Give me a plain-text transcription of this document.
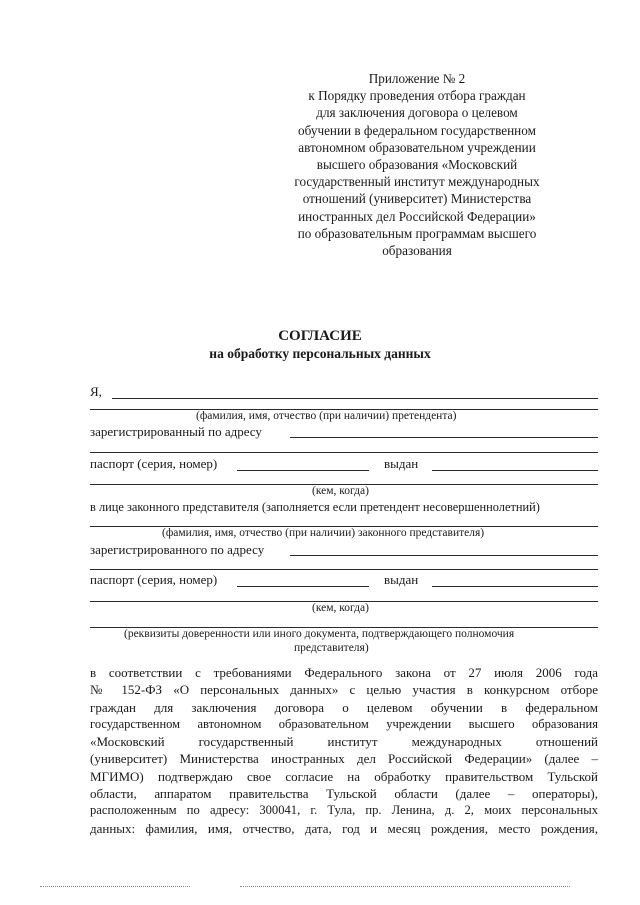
Приложение № 2
к Порядку проведения отбора граждан
для заключения договора о целевом
обучении в федеральном государственном
автономном образовательном учреждении
высшего образования «Московский
государственный институт международных
отношений (университет) Министерства
иностранных дел Российской Федерации»
по образовательным программам высшего
образования
СОГЛАСИЕ
на обработку персональных данных
Я,
(фамилия, имя, отчество (при наличии) претендента)
зарегистрированный по адресу
паспорт (серия, номер)	выдан
(кем, когда)
в лице законного представителя (заполняется если претендент несовершеннолетний)
(фамилия, имя, отчество (при наличии) законного представителя)
зарегистрированного по адресу
паспорт (серия, номер)	выдан
(кем, когда)
(реквизиты доверенности или иного документа, подтверждающего полномочия
представителя)
в соответствии с требованиями Федерального закона от 27 июля 2006 года
№ 152-ФЗ «О персональных данных» с целью участия в конкурсном отборе
граждан для заключения договора о целевом обучении в федеральном
государственном автономном образовательном учреждении высшего образования
«Московский государственный институт международных отношений
(университет) Министерства иностранных дел Российской Федерации» (далее –
МГИМО) подтверждаю свое согласие на обработку правительством Тульской
области, аппаратом правительства Тульской области (далее – операторы),
расположенным по адресу: 300041, г. Тула, пр. Ленина, д. 2, моих персональных
данных: фамилия, имя, отчество, дата, год и месяц рождения, место рождения,
